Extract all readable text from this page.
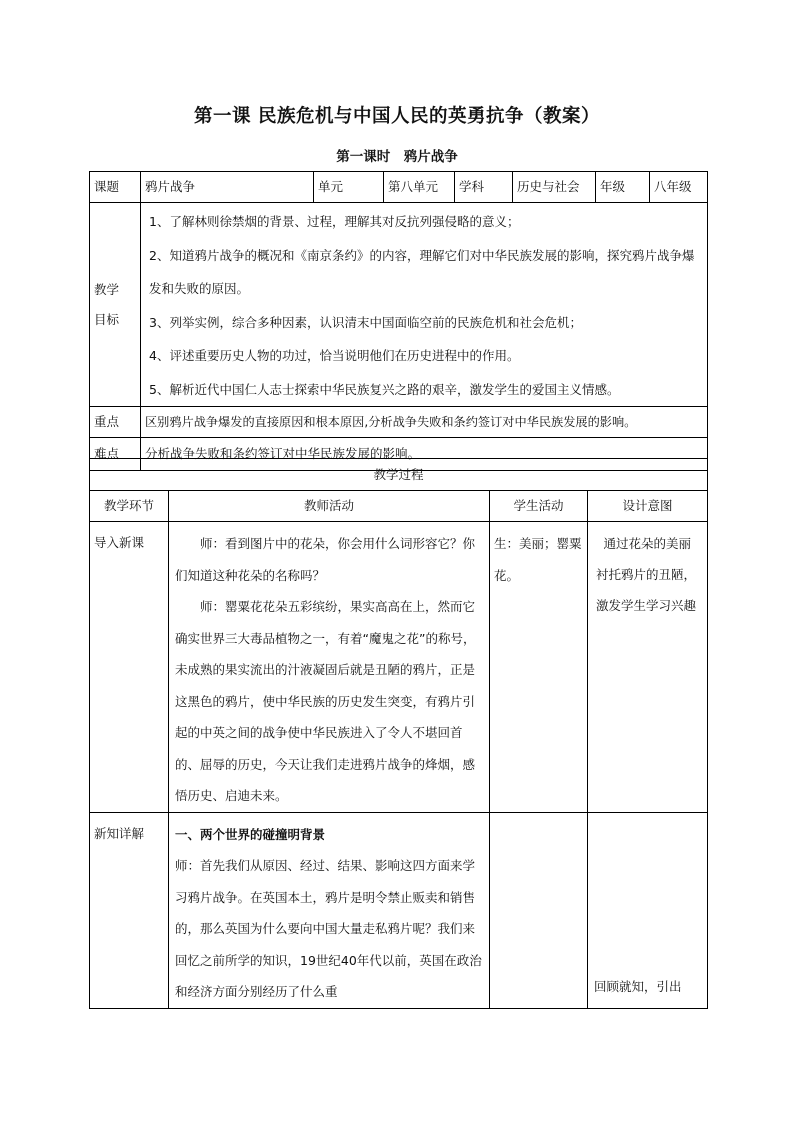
第一课 民族危机与中国人民的英勇抗争（教案）
第一课时　鸦片战争
课题	鸦片战争	单元	第八单元	学科	历史与社会	年级	八年级

教学
目标	1、了解林则徐禁烟的背景、过程，理解其对反抗列强侵略的意义；
2、知道鸦片战争的概况和《南京条约》的内容，理解它们对中华民族发展的影响，探究鸦片战争爆发和失败的原因。
3、列举实例，综合多种因素，认识清末中国面临空前的民族危机和社会危机；
4、评述重要历史人物的功过，恰当说明他们在历史进程中的作用。
5、解析近代中国仁人志士探索中华民族复兴之路的艰辛，激发学生的爱国主义情感。						

重点	区别鸦片战争爆发的直接原因和根本原因,分析战争失败和条约签订对中华民族发展的影响。						
难点	分析战争失败和条约签订对中华民族发展的影响。						
教学过程			
教学环节	教师活动	学生活动	设计意图
导入新课	师：看到图片中的花朵，你会用什么词形容它？你们知道这种花朵的名称吗？
师：罂粟花花朵五彩缤纷，果实高高在上，然而它确实世界三大毒品植物之一，有着“魔鬼之花”的称号，未成熟的果实流出的汁液凝固后就是丑陋的鸦片，正是这黑色的鸦片，使中华民族的历史发生突变，有鸦片引起的中英之间的战争使中华民族进入了令人不堪回首的、屈辱的历史，今天让我们走进鸦片战争的烽烟，感悟历史、启迪未来。	生：美丽；罂粟花。	通过花朵的美丽衬托鸦片的丑陋，激发学生学习兴趣
新知详解	一、两个世界的碰撞明背景
师：首先我们从原因、经过、结果、影响这四方面来学习鸦片战争。在英国本土，鸦片是明令禁止贩卖和销售的，那么英国为什么要向中国大量走私鸦片呢？我们来回忆之前所学的知识，19世纪40年代以前，英国在政治和经济方面分别经历了什么重		回顾就知，引出
